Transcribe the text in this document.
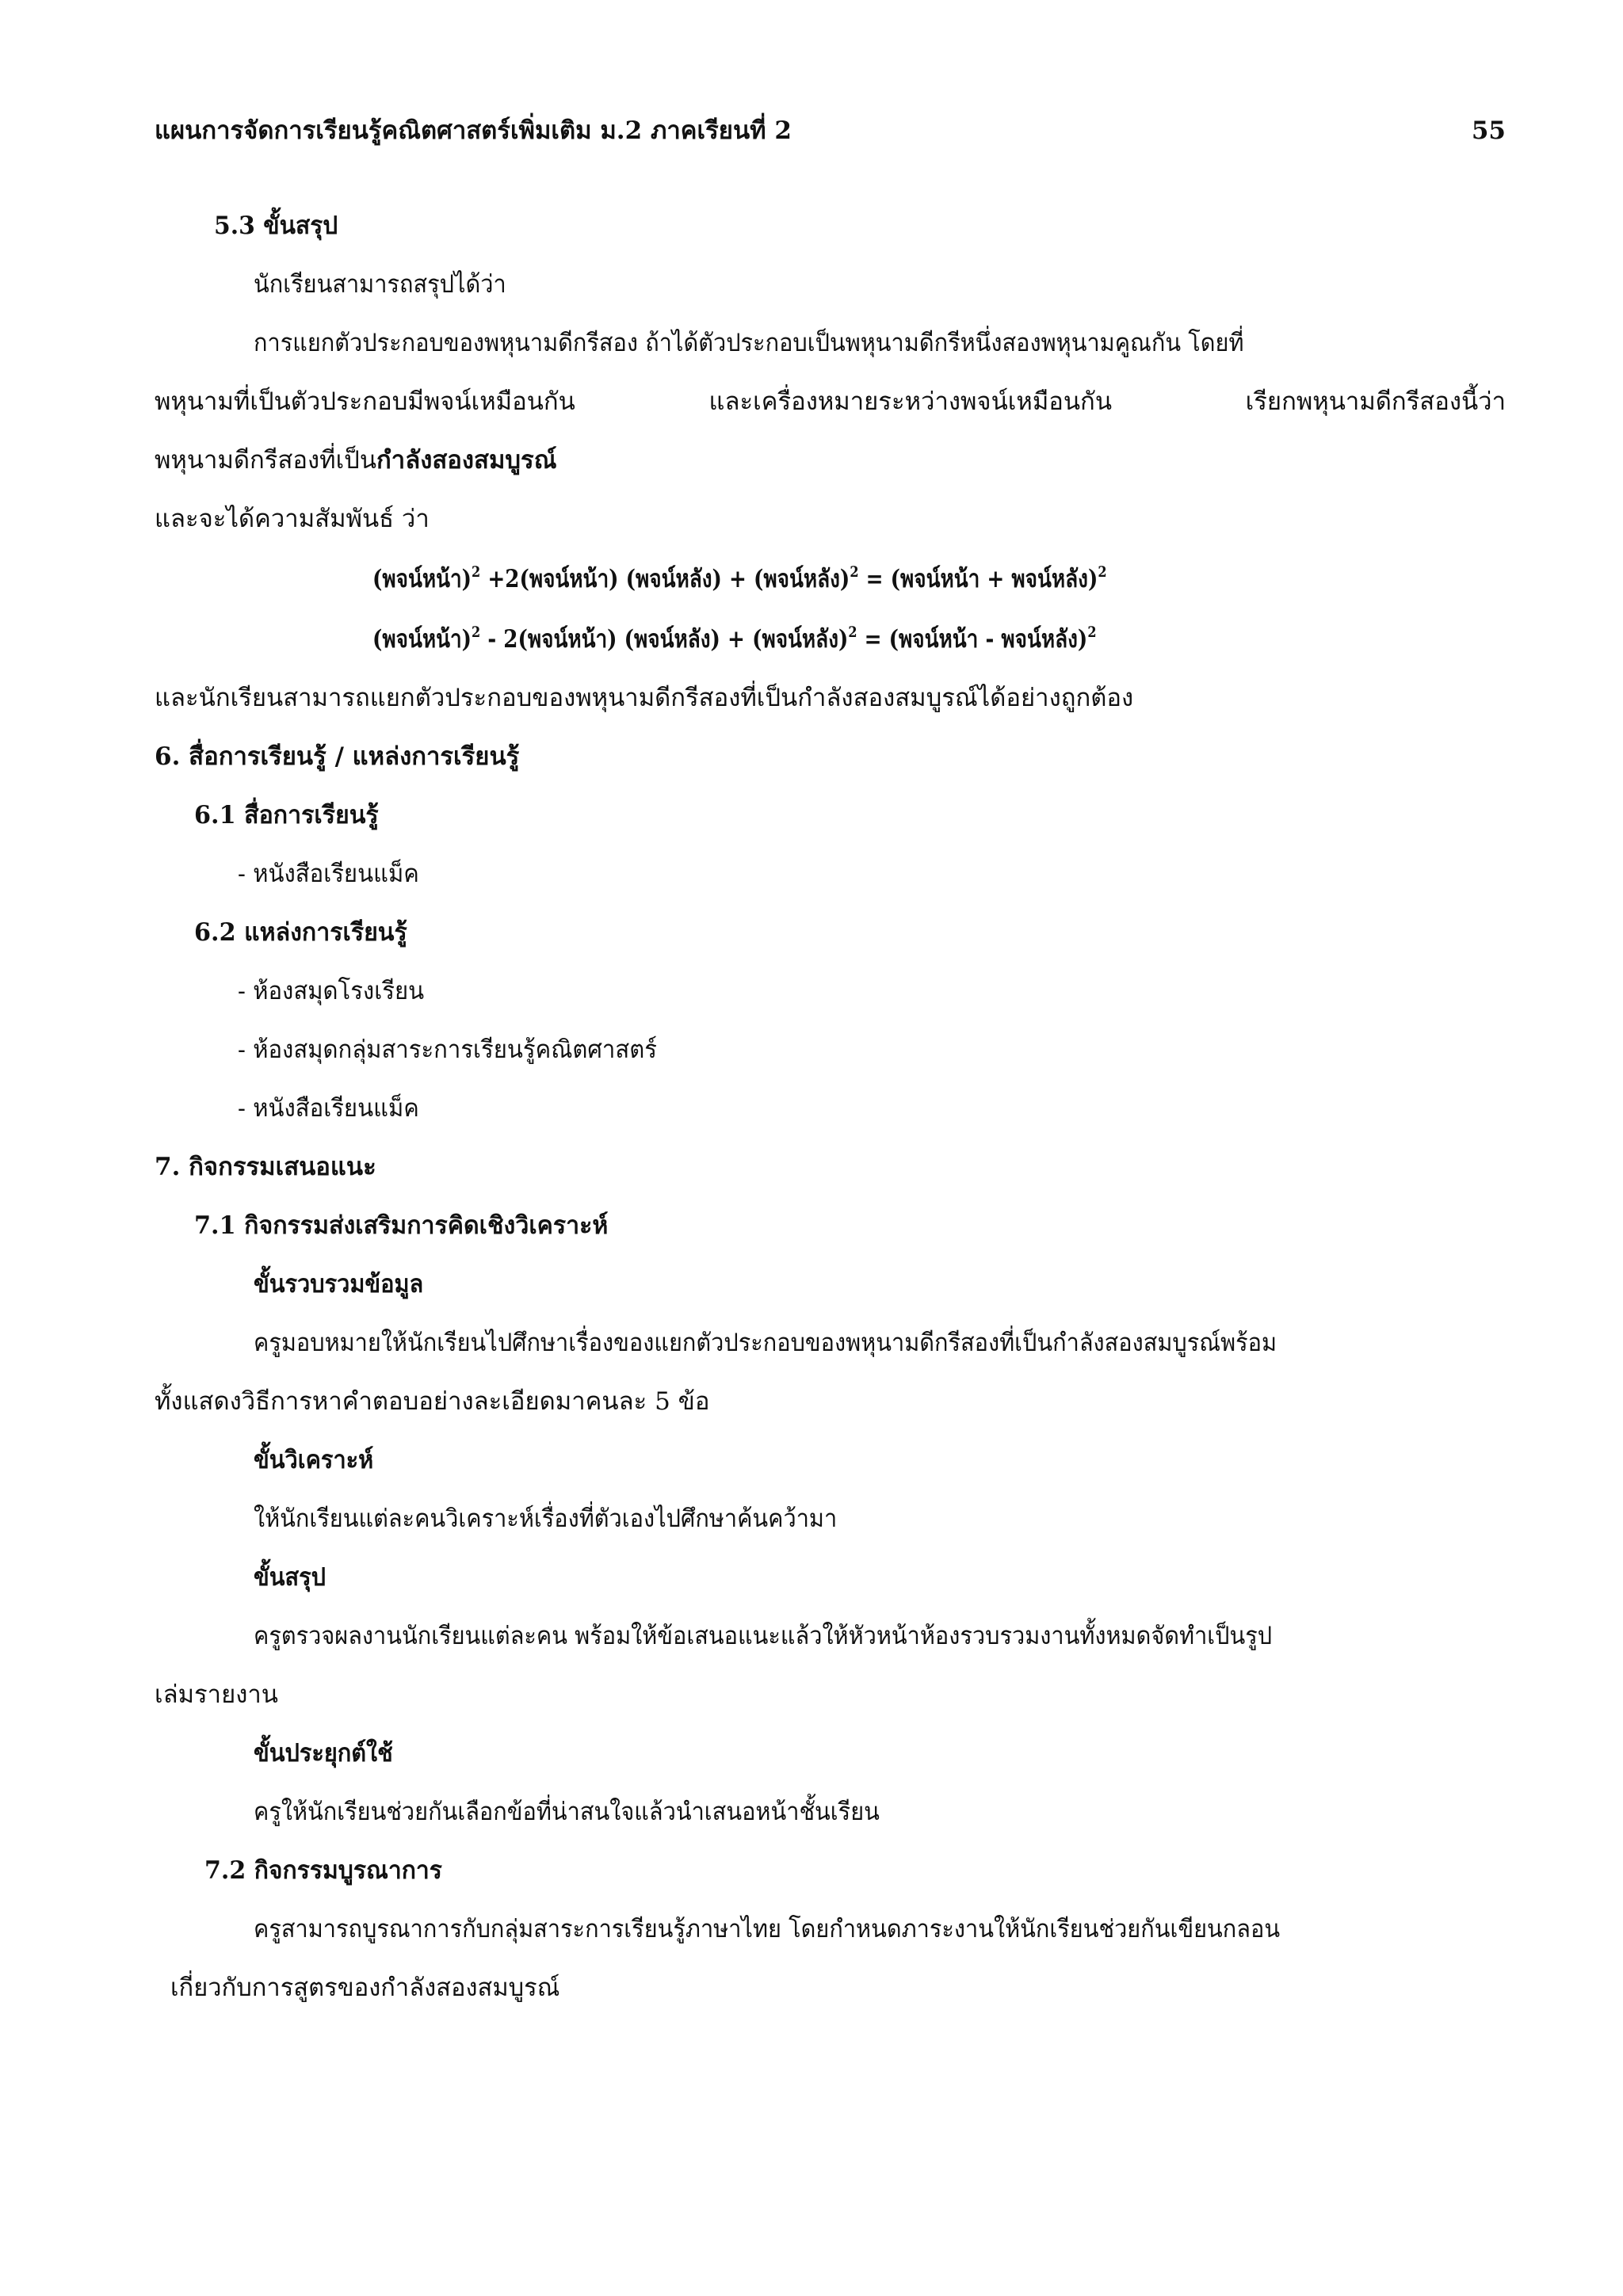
แผนการจัดการเรียนรู้คณิตศาสตร์เพิ่มเติม ม.2 ภาคเรียนที่ 2	55
5.3 ขั้นสรุป
นักเรียนสามารถสรุปได้ว่า
การแยกตัวประกอบของพหุนามดีกรีสอง ถ้าได้ตัวประกอบเป็นพหุนามดีกรีหนึ่งสองพหุนามคูณกัน โดยที่
พหุนามที่เป็นตัวประกอบมีพจน์เหมือนกัน	และเครื่องหมายระหว่างพจน์เหมือนกัน	เรียกพหุนามดีกรีสองนี้ว่า
พหุนามดีกรีสองที่เป็นกำลังสองสมบูรณ์
และจะได้ความสัมพันธ์ ว่า
(พจน์หน้า)$^2$ +2(พจน์หน้า) (พจน์หลัง) + (พจน์หลัง)$^2$ = (พจน์หน้า + พจน์หลัง)$^2$
(พจน์หน้า)$^2$ - 2(พจน์หน้า) (พจน์หลัง) + (พจน์หลัง)$^2$ = (พจน์หน้า - พจน์หลัง)$^2$
และนักเรียนสามารถแยกตัวประกอบของพหุนามดีกรีสองที่เป็นกำลังสองสมบูรณ์ได้อย่างถูกต้อง
6. สื่อการเรียนรู้ / แหล่งการเรียนรู้
6.1 สื่อการเรียนรู้
- หนังสือเรียนแม็ค
6.2 แหล่งการเรียนรู้
- ห้องสมุดโรงเรียน
- ห้องสมุดกลุ่มสาระการเรียนรู้คณิตศาสตร์
- หนังสือเรียนแม็ค
7. กิจกรรมเสนอแนะ
7.1 กิจกรรมส่งเสริมการคิดเชิงวิเคราะห์
ขั้นรวบรวมข้อมูล
ครูมอบหมายให้นักเรียนไปศึกษาเรื่องของแยกตัวประกอบของพหุนามดีกรีสองที่เป็นกำลังสองสมบูรณ์พร้อม
ทั้งแสดงวิธีการหาคำตอบอย่างละเอียดมาคนละ 5 ข้อ
ขั้นวิเคราะห์
ให้นักเรียนแต่ละคนวิเคราะห์เรื่องที่ตัวเองไปศึกษาค้นคว้ามา
ขั้นสรุป
ครูตรวจผลงานนักเรียนแต่ละคน พร้อมให้ข้อเสนอแนะแล้วให้หัวหน้าห้องรวบรวมงานทั้งหมดจัดทำเป็นรูป
เล่มรายงาน
ขั้นประยุกต์ใช้
ครูให้นักเรียนช่วยกันเลือกข้อที่น่าสนใจแล้วนำเสนอหน้าชั้นเรียน
7.2 กิจกรรมบูรณาการ
ครูสามารถบูรณาการกับกลุ่มสาระการเรียนรู้ภาษาไทย โดยกำหนดภาระงานให้นักเรียนช่วยกันเขียนกลอน
เกี่ยวกับการสูตรของกำลังสองสมบูรณ์
